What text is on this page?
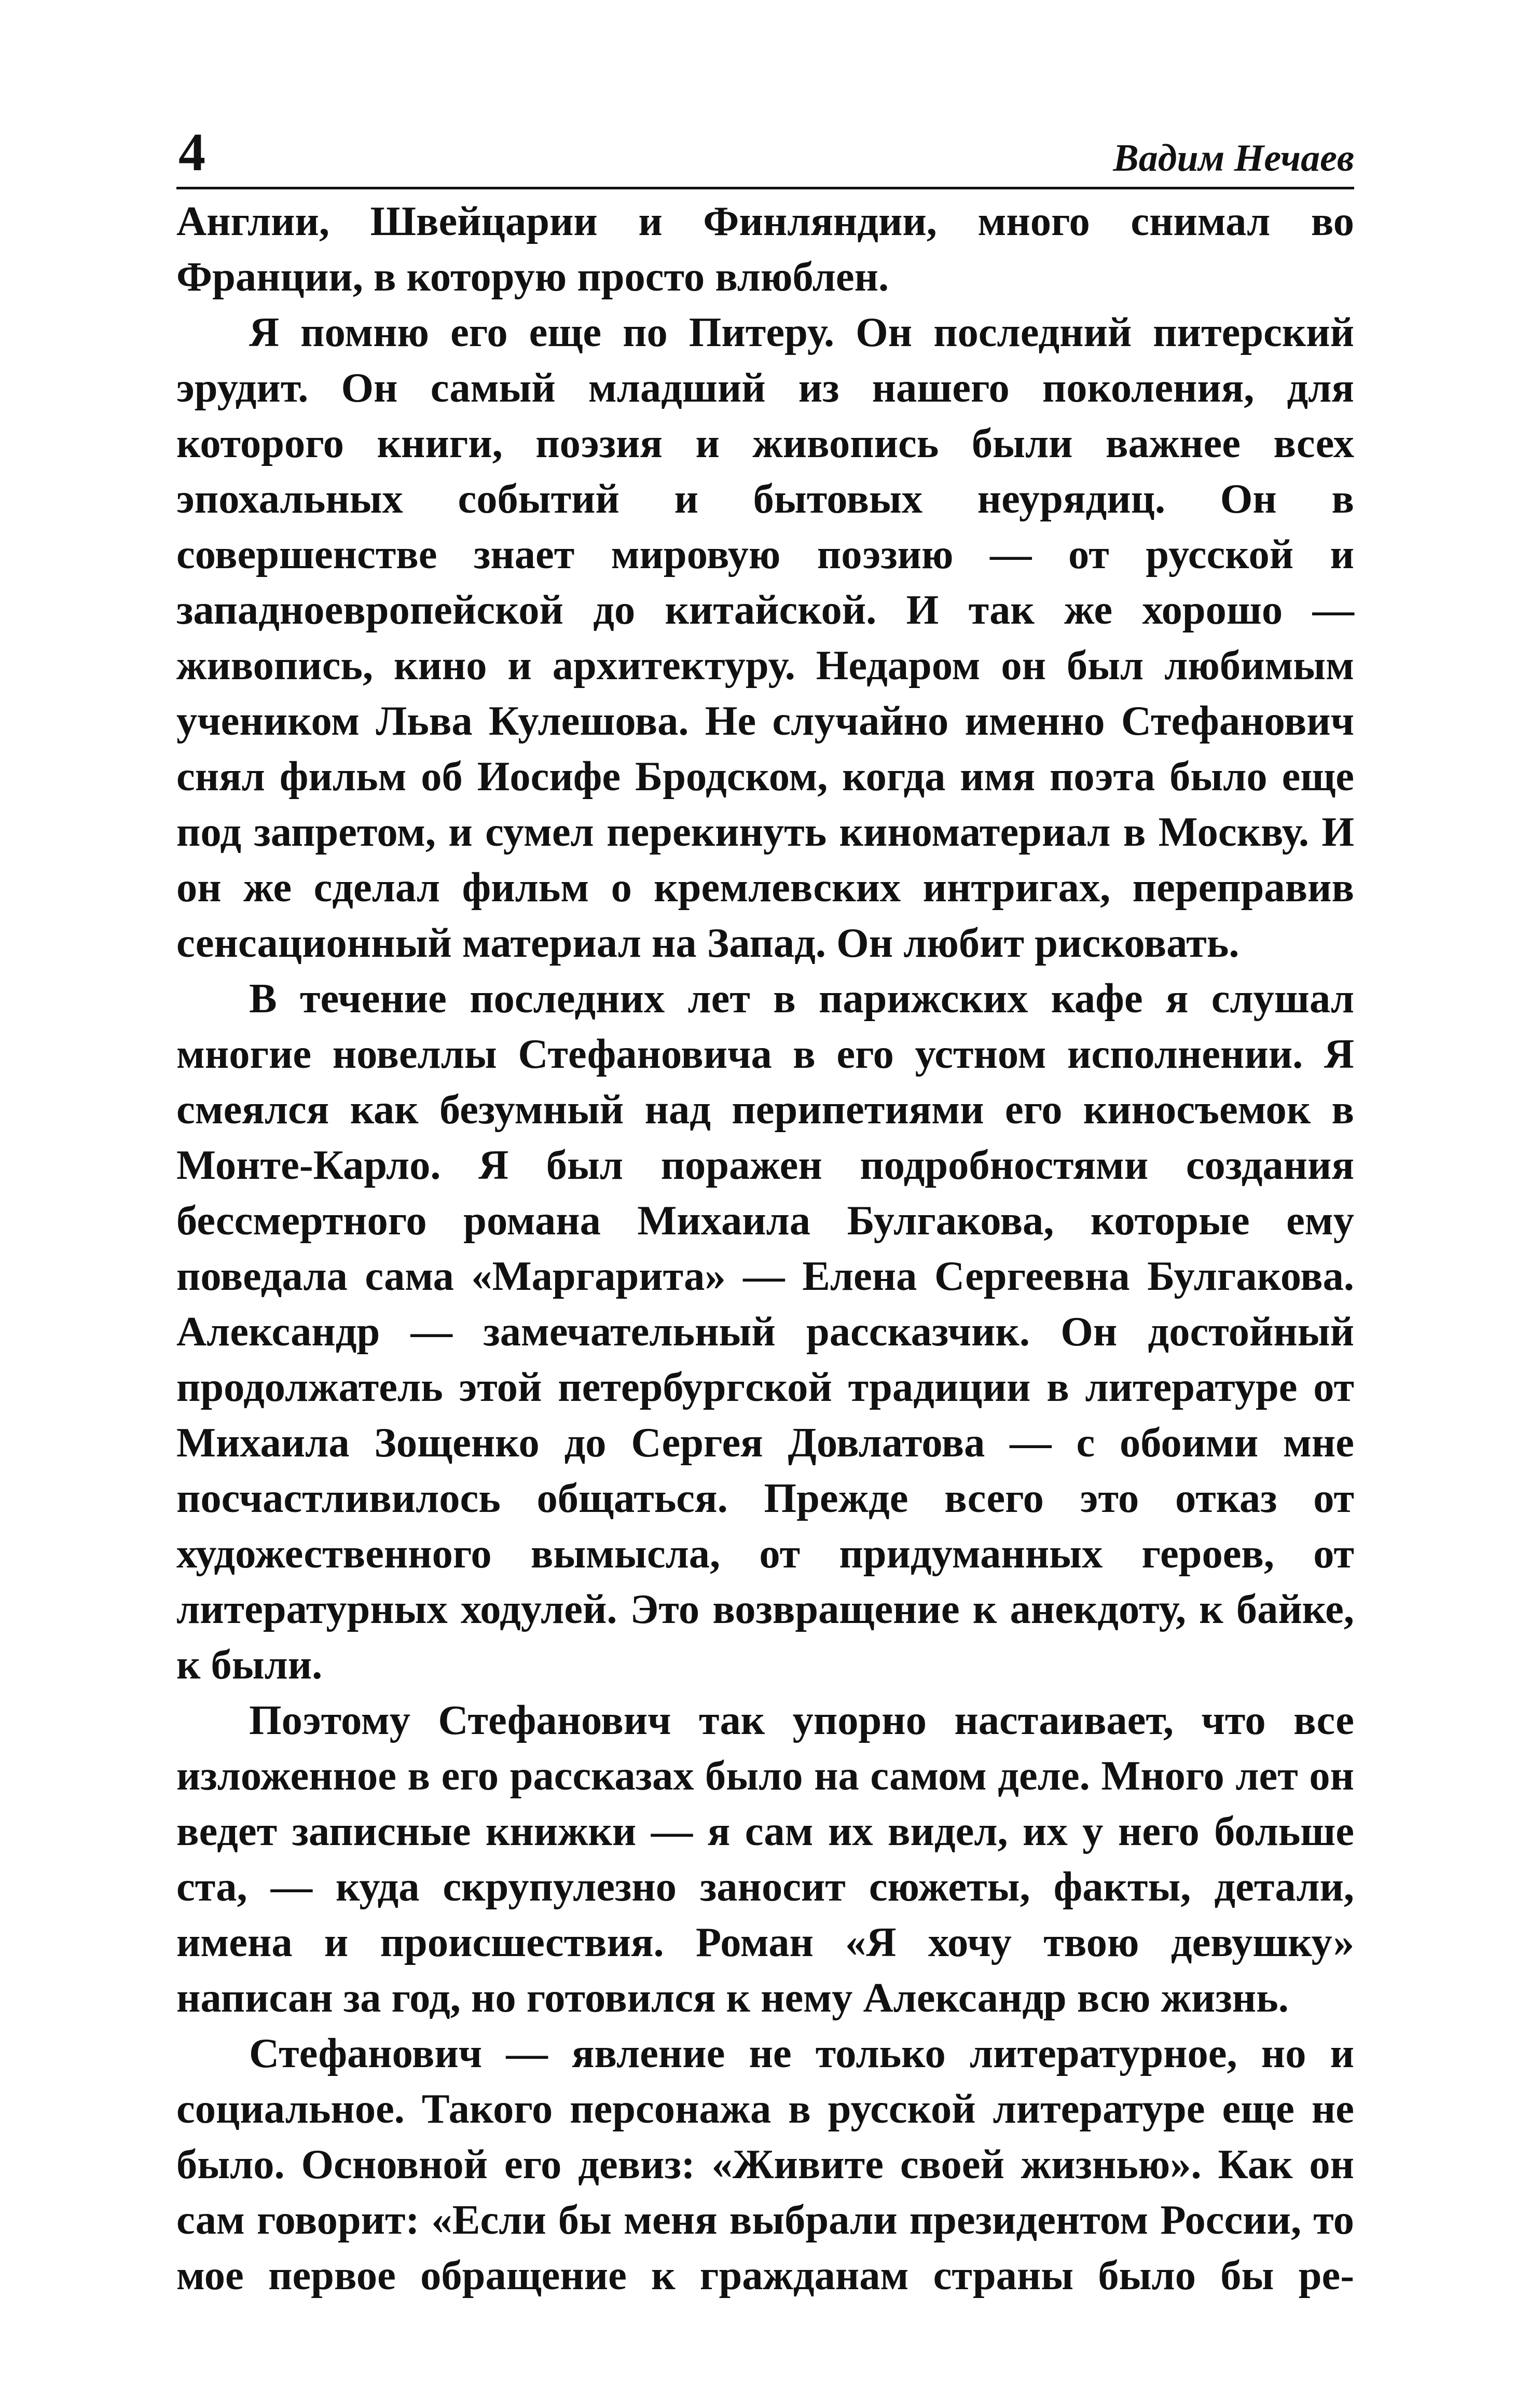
4	Вадим Нечаев

Англии, Швейцарии и Финляндии, много снимал во Франции, в которую просто влюблен.

Я помню его еще по Питеру. Он последний питерский эрудит. Он самый младший из нашего поколения, для которого книги, поэзия и живопись были важнее всех эпохальных событий и бытовых неурядиц. Он в совершенстве знает мировую поэзию — от русской и западноевропейской до китайской. И так же хорошо — живопись, кино и архитектуру. Недаром он был любимым учеником Льва Кулешова. Не случайно именно Стефанович снял фильм об Иосифе Бродском, когда имя поэта было еще под запретом, и сумел перекинуть киноматериал в Москву. И он же сделал фильм о кремлевских интригах, переправив сенсационный материал на Запад. Он любит рисковать.

В течение последних лет в парижских кафе я слушал многие новеллы Стефановича в его устном исполнении. Я смеялся как безумный над перипетиями его киносъемок в Монте-Карло. Я был поражен подробностями создания бессмертного романа Михаила Булгакова, которые ему поведала сама «Маргарита» — Елена Сергеевна Булгакова. Александр — замечательный рассказчик. Он достойный продолжатель этой петербургской традиции в литературе от Михаила Зощенко до Сергея Довлатова — с обоими мне посчастливилось общаться. Прежде всего это отказ от художественного вымысла, от придуманных героев, от литературных ходулей. Это возвращение к анекдоту, к байке, к были.

Поэтому Стефанович так упорно настаивает, что все изложенное в его рассказах было на самом деле. Много лет он ведет записные книжки — я сам их видел, их у него больше ста, — куда скрупулезно заносит сюжеты, факты, детали, имена и происшествия. Роман «Я хочу твою девушку» написан за год, но готовился к нему Александр всю жизнь.

Стефанович — явление не только литературное, но и социальное. Такого персонажа в русской литературе еще не было. Основной его девиз: «Живите своей жизнью». Как он сам говорит: «Если бы меня выбрали президентом России, то мое первое обращение к гражданам страны было бы ре-
